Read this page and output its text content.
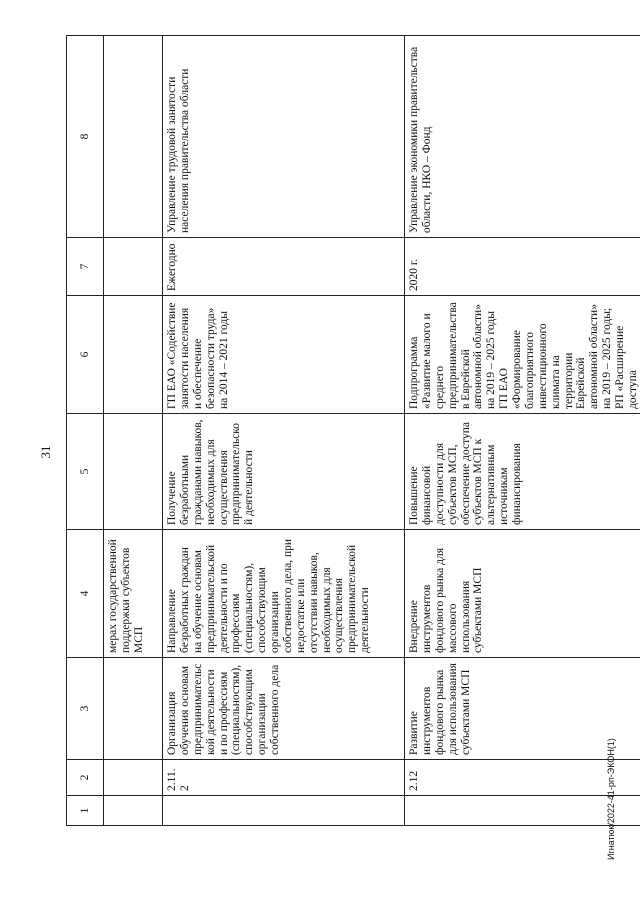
31
Игнатюк/2022-41-рп-ЭКОН(1)
1	2	3	4	5	6	7	8
			мерах государственной поддержки субъектов МСП				
	2.11.2	Организация обучения основам предпринимательской деятельности и по профессиям (специальностям), способствующим организации собственного дела	Направление безработных граждан на обучение основам предпринимательской деятельности и по профессиям (специальностям), способствующим организации собственного дела, при недостатке или отсутствии навыков, необходимых для осуществления предпринимательской деятельности	Получение безработными гражданами навыков, необходимых для осуществления предпринимательской деятельности	ГП ЕАО «Содействие занятости населения и обеспечение безопасности труда» на 2014 – 2021 годы	Ежегодно	Управление трудовой занятости населения правительства области
	2.12	Развитие инструментов фондового рынка для использования субъектами МСП	Внедрение инструментов фондового рынка для массового использования субъектами МСП	Повышение финансовой доступности для субъектов МСП, обеспечение доступа субъектов МСП к альтернативным источникам финансирования	Подпрограмма «Развитие малого и среднего предпринимательства в Еврейской автономной области» на 2019 – 2025 годы ГП ЕАО «Формирование благоприятного инвестиционного климата на территории Еврейской автономной области» на 2019 – 2025 годы; РП «Расширение доступа	2020 г.	Управление экономики правительства области, НКО – Фонд
